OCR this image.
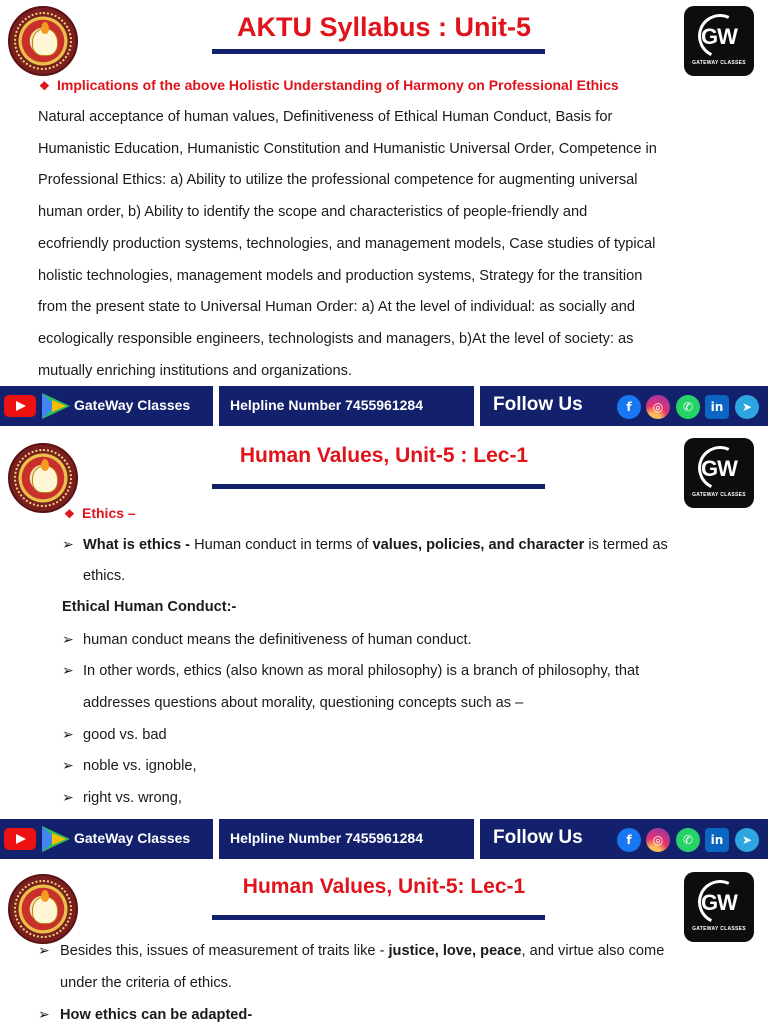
AKTU Syllabus : Unit-5	GW
GATEWAY CLASSES
❖ Implications of the above Holistic Understanding of Harmony on Professional Ethics
Natural acceptance of human values, Definitiveness of Ethical Human Conduct, Basis for
Humanistic Education, Humanistic Constitution and Humanistic Universal Order, Competence in
Professional Ethics: a) Ability to utilize the professional competence for augmenting universal
human order, b) Ability to identify the scope and characteristics of people-friendly and
ecofriendly production systems, technologies, and management models, Case studies of typical
holistic technologies, management models and production systems, Strategy for the transition
from the present state to Universal Human Order: a) At the level of individual: as socially and
ecologically responsible engineers, technologists and managers, b)At the level of society: as
mutually enriching institutions and organizations.
GateWay Classes	Helpline Number 7455961284	Follow Us	f	◎	✆	in	➤
Human Values, Unit-5 : Lec-1
GW
GATEWAY CLASSES
❖ Ethics –
➢ What is ethics - Human conduct in terms of values, policies, and character is termed as
ethics.
Ethical Human Conduct:-
➢ human conduct means the definitiveness of human conduct.
➢ In other words, ethics (also known as moral philosophy) is a branch of philosophy, that
addresses questions about morality, questioning concepts such as –
➢ good vs. bad
➢ noble vs. ignoble,
➢ right vs. wrong,
GateWay Classes	Helpline Number 7455961284	Follow Us	f	◎	✆	in	➤
Human Values, Unit-5: Lec-1
GW
GATEWAY CLASSES
➢ Besides this, issues of measurement of traits like - justice, love, peace, and virtue also come
under the criteria of ethics.
➢ How ethics can be adapted-
